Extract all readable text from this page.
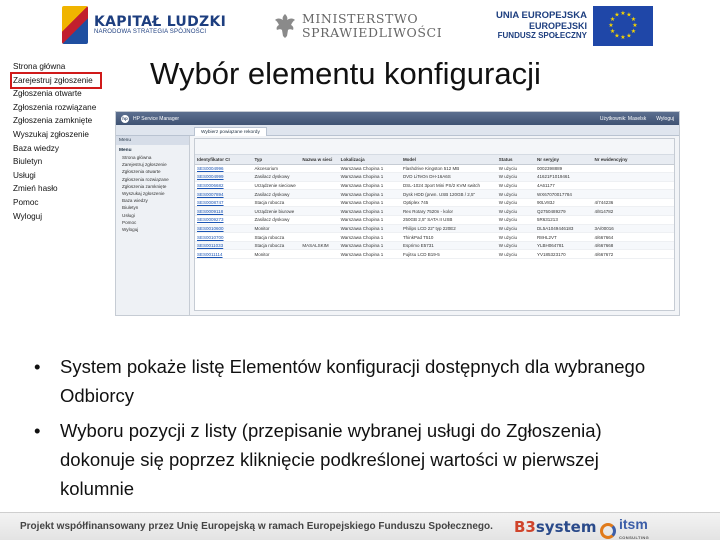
KAPITAŁ LUDZKI
NARODOWA STRATEGIA SPÓJNOŚCI
MINISTERSTWO
SPRAWIEDLIWOŚCI
UNIA EUROPEJSKA
EUROPEJSKI
FUNDUSZ SPOŁECZNY
★ ★
★
★
★
★
★
★
★
★
★
★
Strona główna
Zarejestruj zgłoszenie
Zgłoszenia otwarte
Zgłoszenia rozwiązane
Zgłoszenia zamknięte
Wyszukaj zgłoszenie
Baza wiedzy
Biuletyn
Usługi
Zmień hasło
Pomoc
Wyloguj
Wybór elementu konfiguracji
hp HP Service Manager	Użytkownik: Maselsk Wyloguj
Wybierz powiązane rekordy
Menu
Menu
Strona główna
Zarejestruj zgłoszenie
Zgłoszenia otwarte
Zgłoszenia rozwiązane
Zgłoszenia zamknięte
Wyszukaj zgłoszenie
Baza wiedzy
Biuletyn
Usługi
Pomoc
Wyloguj
Identyfikator CI	Typ	Nazwa w sieci	Lokalizacja	Model	Status	Nr seryjny	Nr ewidencyjny
SES0004996	Akcesorium		Warszawa Chopina 1	Flashdrive Kingston 512 MB	W użyciu	0002398889	
SES0004999	Zasilacz dyskowy		Warszawa Chopina 1	DVD LiTeOn DH-16A6S	W użyciu	41621F1019461	
SES0006682	Urządzenie sieciowe		Warszawa Chopina 1	DSL-1024 3port Mini PS/2 KVM switch	W użyciu	4A61177	
SES0007894	Zasilacz dyskowy		Warszawa Chopina 1	Dysk HDD (prwn. USB 120GB / 2,5"	W użyciu	WX67070017784	
SES0008747	Stacja robocza		Warszawa Chopina 1	Optiplex 745	W użyciu	90LV83J	4/744236
SES0009118	Urządzenie biurowe		Warszawa Chopina 1	Rex Rotary 7520n - kolor	W użyciu	Q2750489279	4/814782
SES0009273	Zasilacz dyskowy		Warszawa Chopina 1	250GB 2,5" SATA II USB	W użyciu	5R631213	
SES0010600	Monitor		Warszawa Chopina 1	Philips LCD 22" typ 220E2	W użyciu	DL5A1049446183	3A/00016
SES0010700	Stacja robocza		Warszawa Chopina 1	ThinkPad T510	W użyciu	R8HL2VT	4/667664
SES0011033	Stacja robocza	MASALSKIM	Warszawa Chopina 1	Esprimo E5731	W użyciu	YLBH064781	4/667668
SES0011114	Monitor		Warszawa Chopina 1	Fujitsu LCD B19-5	W użyciu	YV185323170	4/667672
• System pokaże listę Elementów konfiguracji dostępnych dla wybranego Odbiorcy
• Wyboru pozycji z listy (przepisanie wybranej usługi do Zgłoszenia) dokonuje się poprzez kliknięcie podkreślonej wartości w pierwszej kolumnie
Projekt współfinansowany przez Unię Europejską w ramach Europejskiego Funduszu Społecznego. B3system itsm
CONSULTING
